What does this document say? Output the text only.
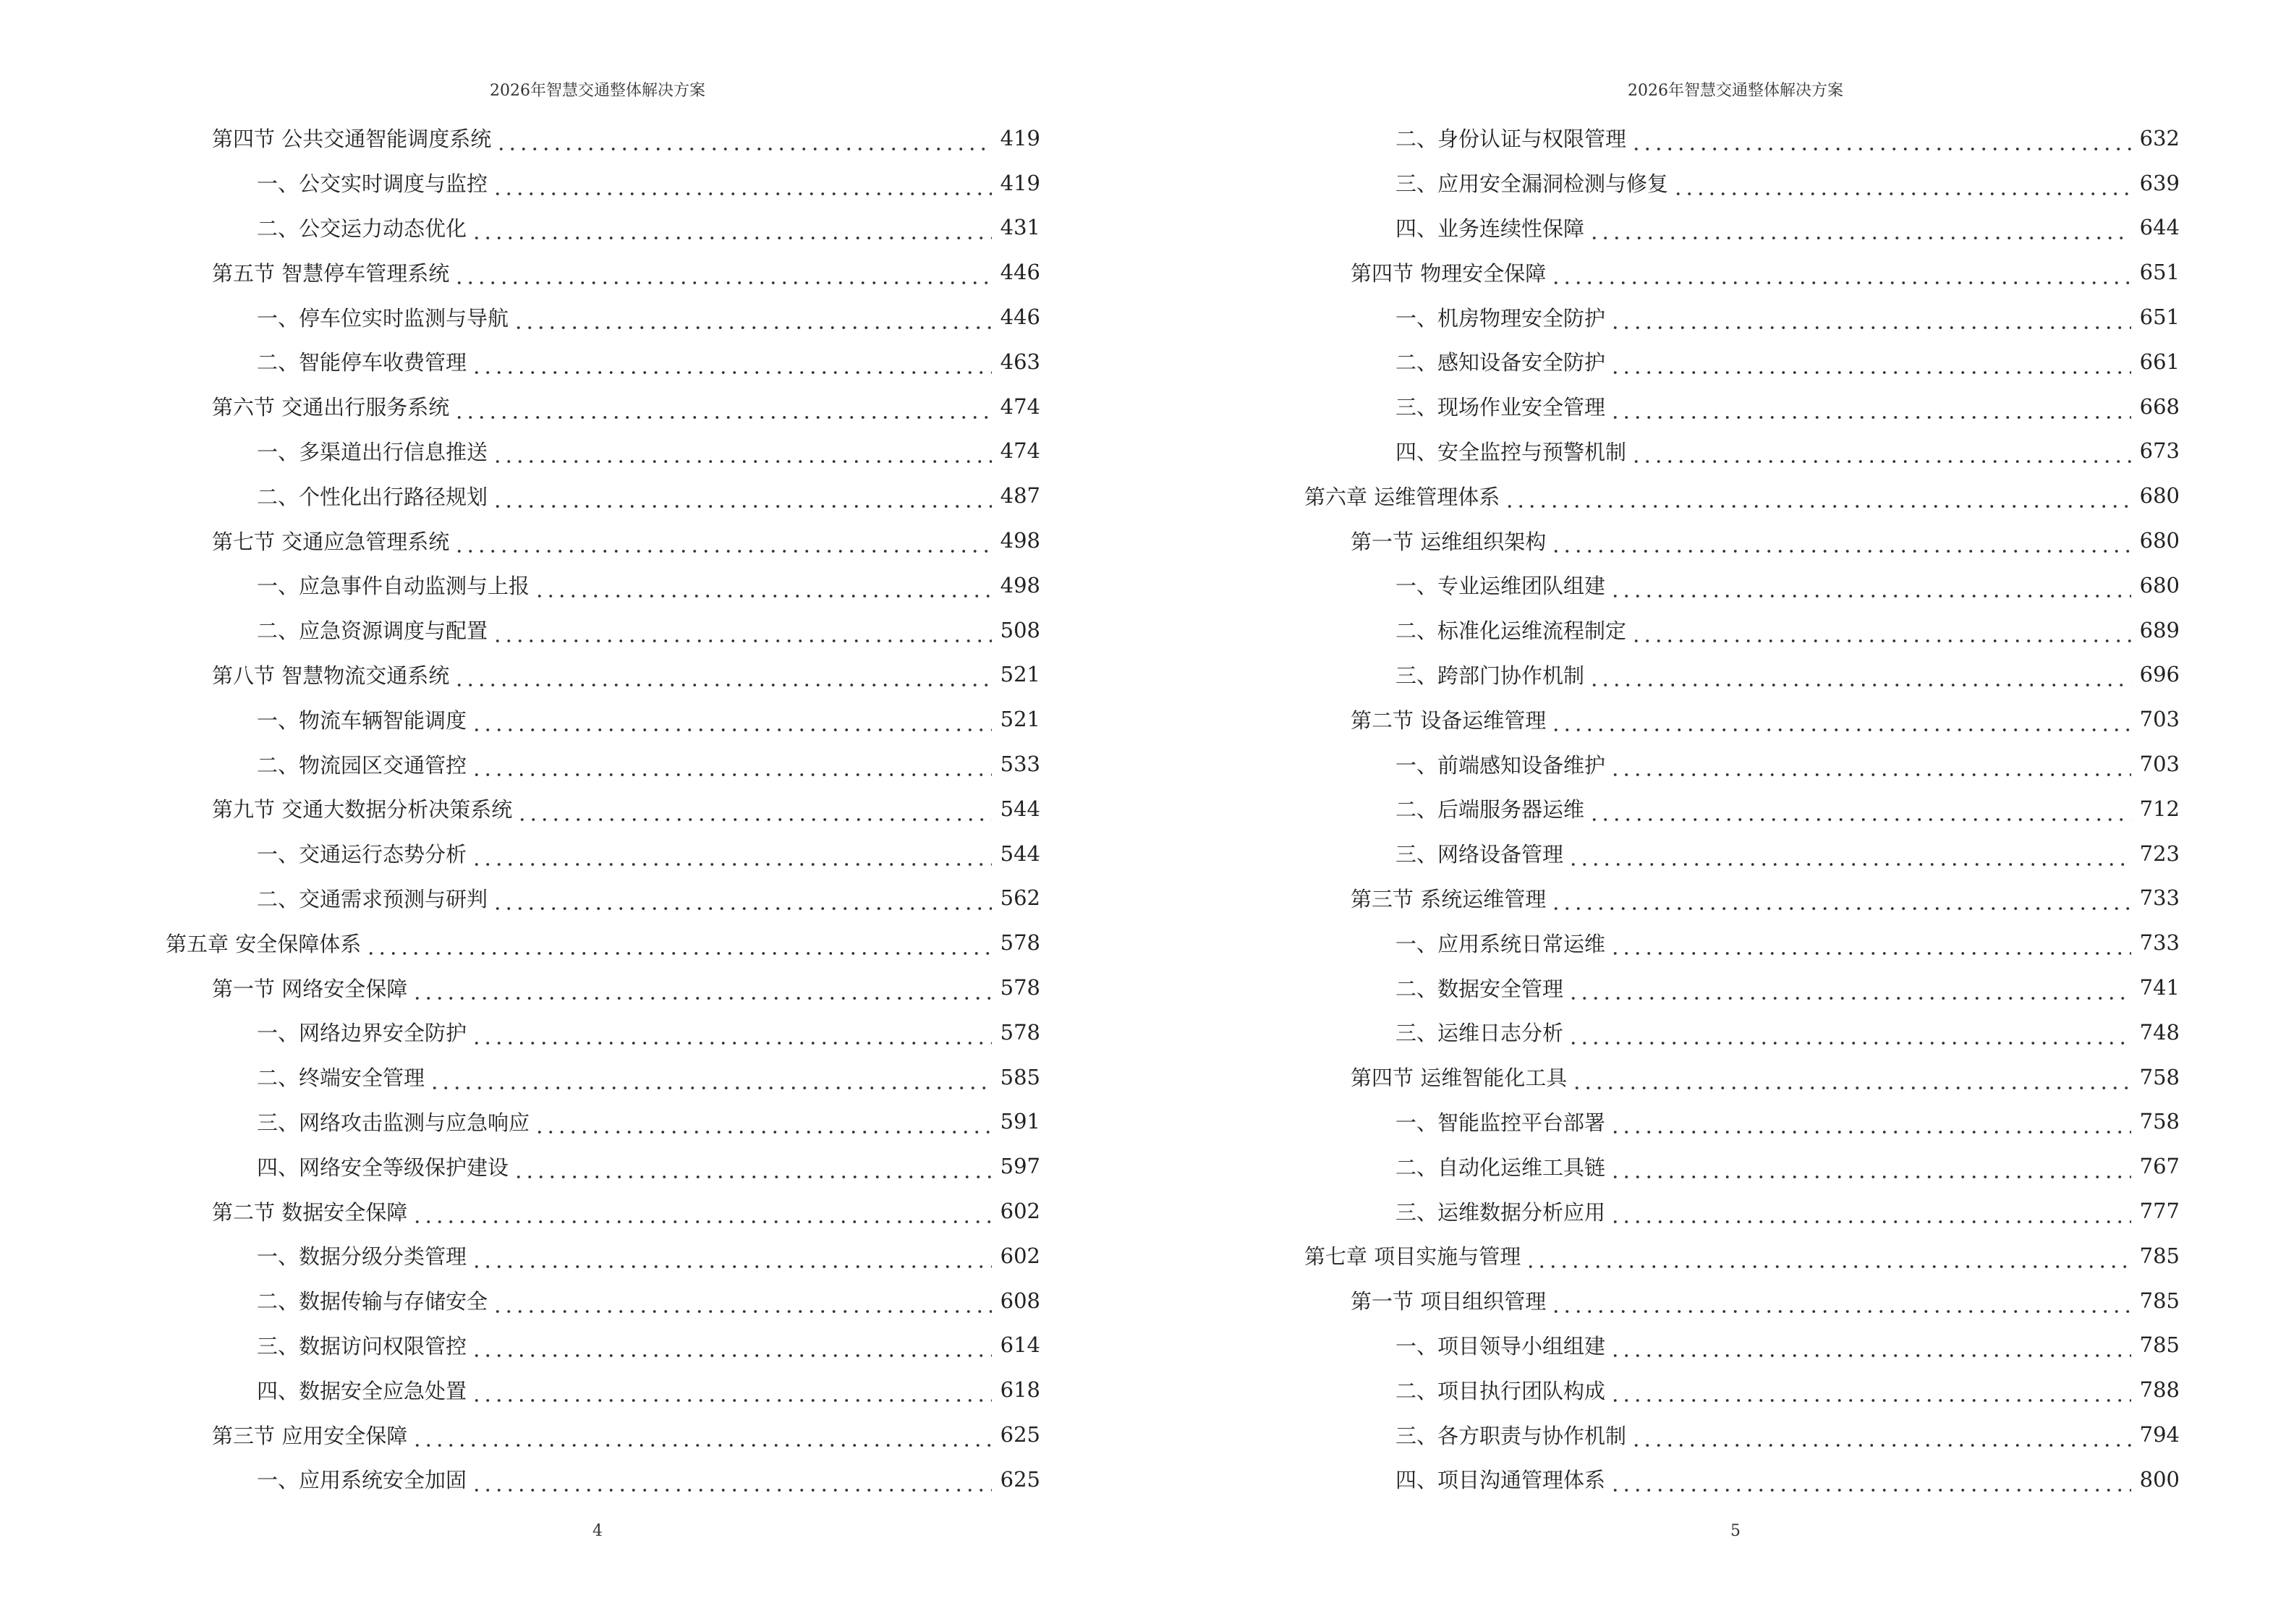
2026年智慧交通整体解决方案
第四节 公共交通智能调度系统	419
一、公交实时调度与监控	419
二、公交运力动态优化	431
第五节 智慧停车管理系统	446
一、停车位实时监测与导航	446
二、智能停车收费管理	463
第六节 交通出行服务系统	474
一、多渠道出行信息推送	474
二、个性化出行路径规划	487
第七节 交通应急管理系统	498
一、应急事件自动监测与上报	498
二、应急资源调度与配置	508
第八节 智慧物流交通系统	521
一、物流车辆智能调度	521
二、物流园区交通管控	533
第九节 交通大数据分析决策系统	544
一、交通运行态势分析	544
二、交通需求预测与研判	562
第五章 安全保障体系	578
第一节 网络安全保障	578
一、网络边界安全防护	578
二、终端安全管理	585
三、网络攻击监测与应急响应	591
四、网络安全等级保护建设	597
第二节 数据安全保障	602
一、数据分级分类管理	602
二、数据传输与存储安全	608
三、数据访问权限管控	614
四、数据安全应急处置	618
第三节 应用安全保障	625
一、应用系统安全加固	625
4
2026年智慧交通整体解决方案
二、身份认证与权限管理	632
三、应用安全漏洞检测与修复	639
四、业务连续性保障	644
第四节 物理安全保障	651
一、机房物理安全防护	651
二、感知设备安全防护	661
三、现场作业安全管理	668
四、安全监控与预警机制	673
第六章 运维管理体系	680
第一节 运维组织架构	680
一、专业运维团队组建	680
二、标准化运维流程制定	689
三、跨部门协作机制	696
第二节 设备运维管理	703
一、前端感知设备维护	703
二、后端服务器运维	712
三、网络设备管理	723
第三节 系统运维管理	733
一、应用系统日常运维	733
二、数据安全管理	741
三、运维日志分析	748
第四节 运维智能化工具	758
一、智能监控平台部署	758
二、自动化运维工具链	767
三、运维数据分析应用	777
第七章 项目实施与管理	785
第一节 项目组织管理	785
一、项目领导小组组建	785
二、项目执行团队构成	788
三、各方职责与协作机制	794
四、项目沟通管理体系	800
5
